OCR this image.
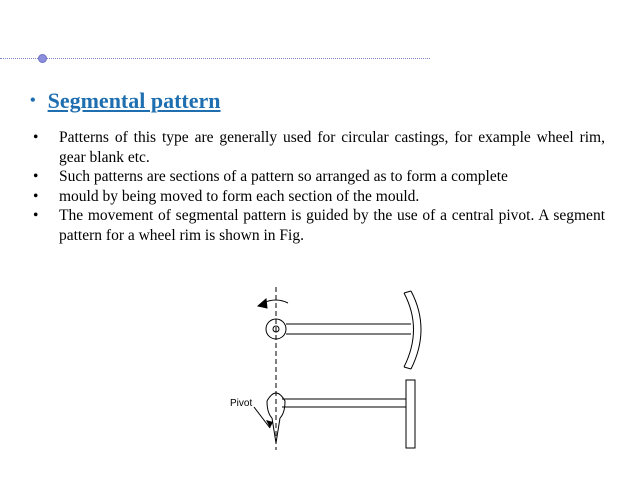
• Segmental pattern
• Patterns of this type are generally used for circular castings, for example wheel rim, gear blank etc.
• Such patterns are sections of a pattern so arranged as to form a complete
• mould by being moved to form each section of the mould.
• The movement of segmental pattern is guided by the use of a central pivot. A segment pattern for a wheel rim is shown in Fig.
Pivot
